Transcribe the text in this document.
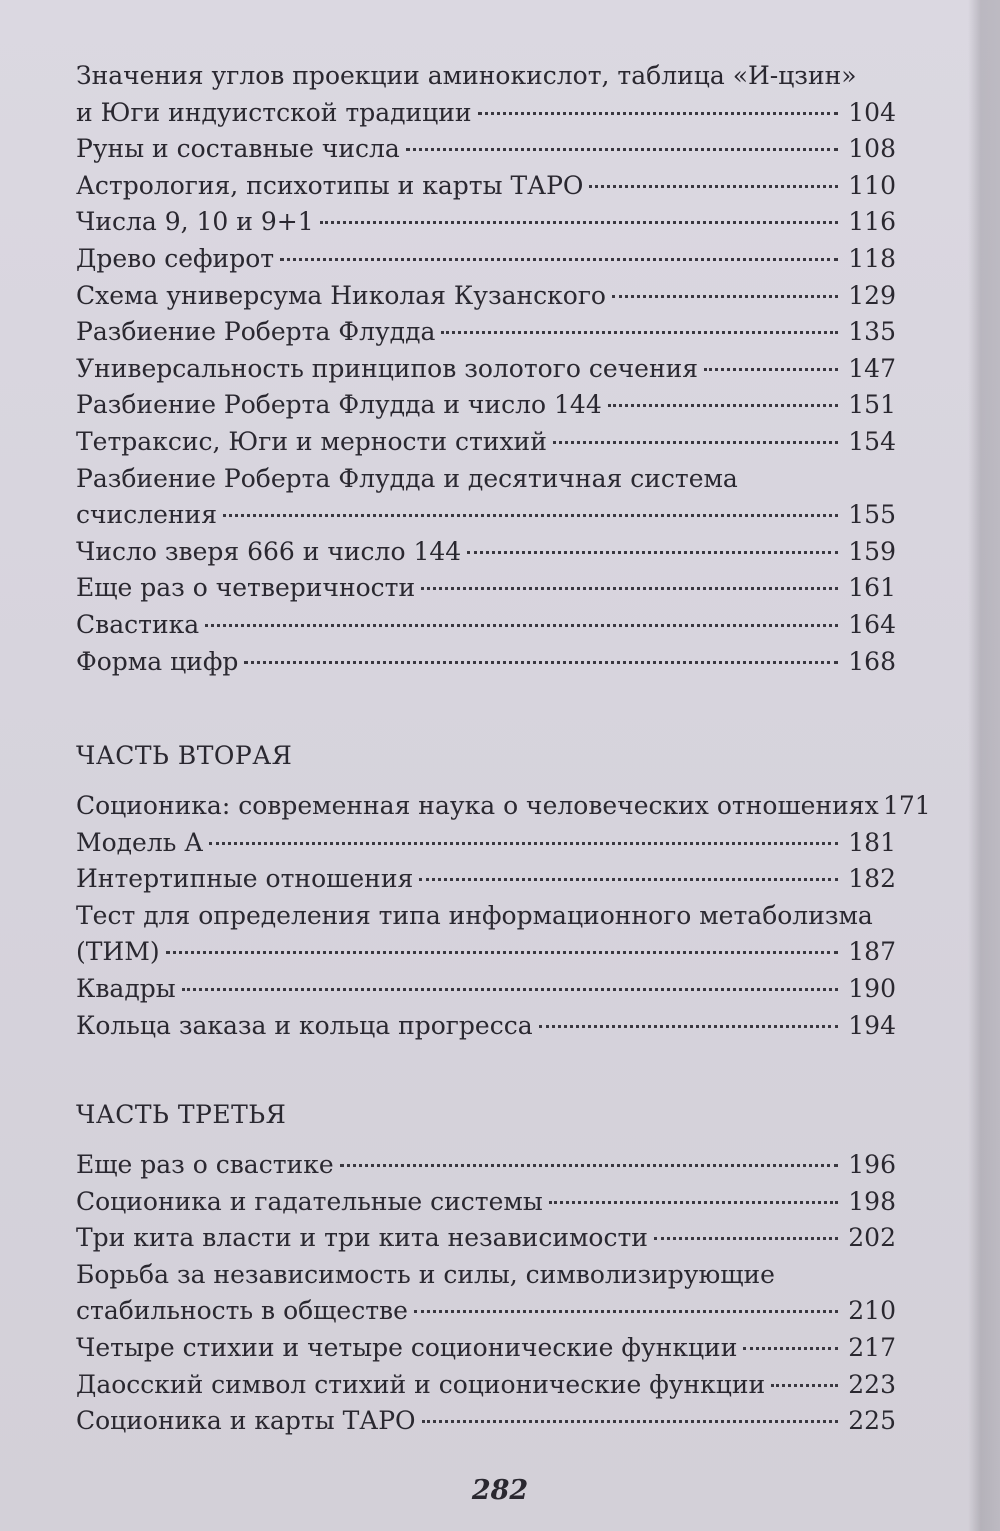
Значения углов проекции аминокислот, таблица «И-цзин»
и Юги индуистской традиции	104
Руны и составные числа	108
Астрология, психотипы и карты ТАРО	110
Числа 9, 10 и 9+1	116
Древо сефирот	118
Схема универсума Николая Кузанского	129
Разбиение Роберта Флудда	135
Универсальность принципов золотого сечения	147
Разбиение Роберта Флудда и число 144	151
Тетраксис, Юги и мерности стихий	154
Разбиение Роберта Флудда и десятичная система
счисления	155
Число зверя 666 и число 144	159
Еще раз о четверичности	161
Свастика	164
Форма цифр	168
ЧАСТЬ ВТОРАЯ
Соционика: современная наука о человеческих отношениях 171
Модель А	181
Интертипные отношения	182
Тест для определения типа информационного метаболизма
(ТИМ)	187
Квадры	190
Кольца заказа и кольца прогресса	194
ЧАСТЬ ТРЕТЬЯ
Еще раз о свастике	196
Соционика и гадательные системы	198
Три кита власти и три кита независимости	202
Борьба за независимость и силы, символизирующие
стабильность в обществе	210
Четыре стихии и четыре соционические функции	217
Даосский символ стихий и соционические функции	223
Соционика и карты ТАРО	225
282
